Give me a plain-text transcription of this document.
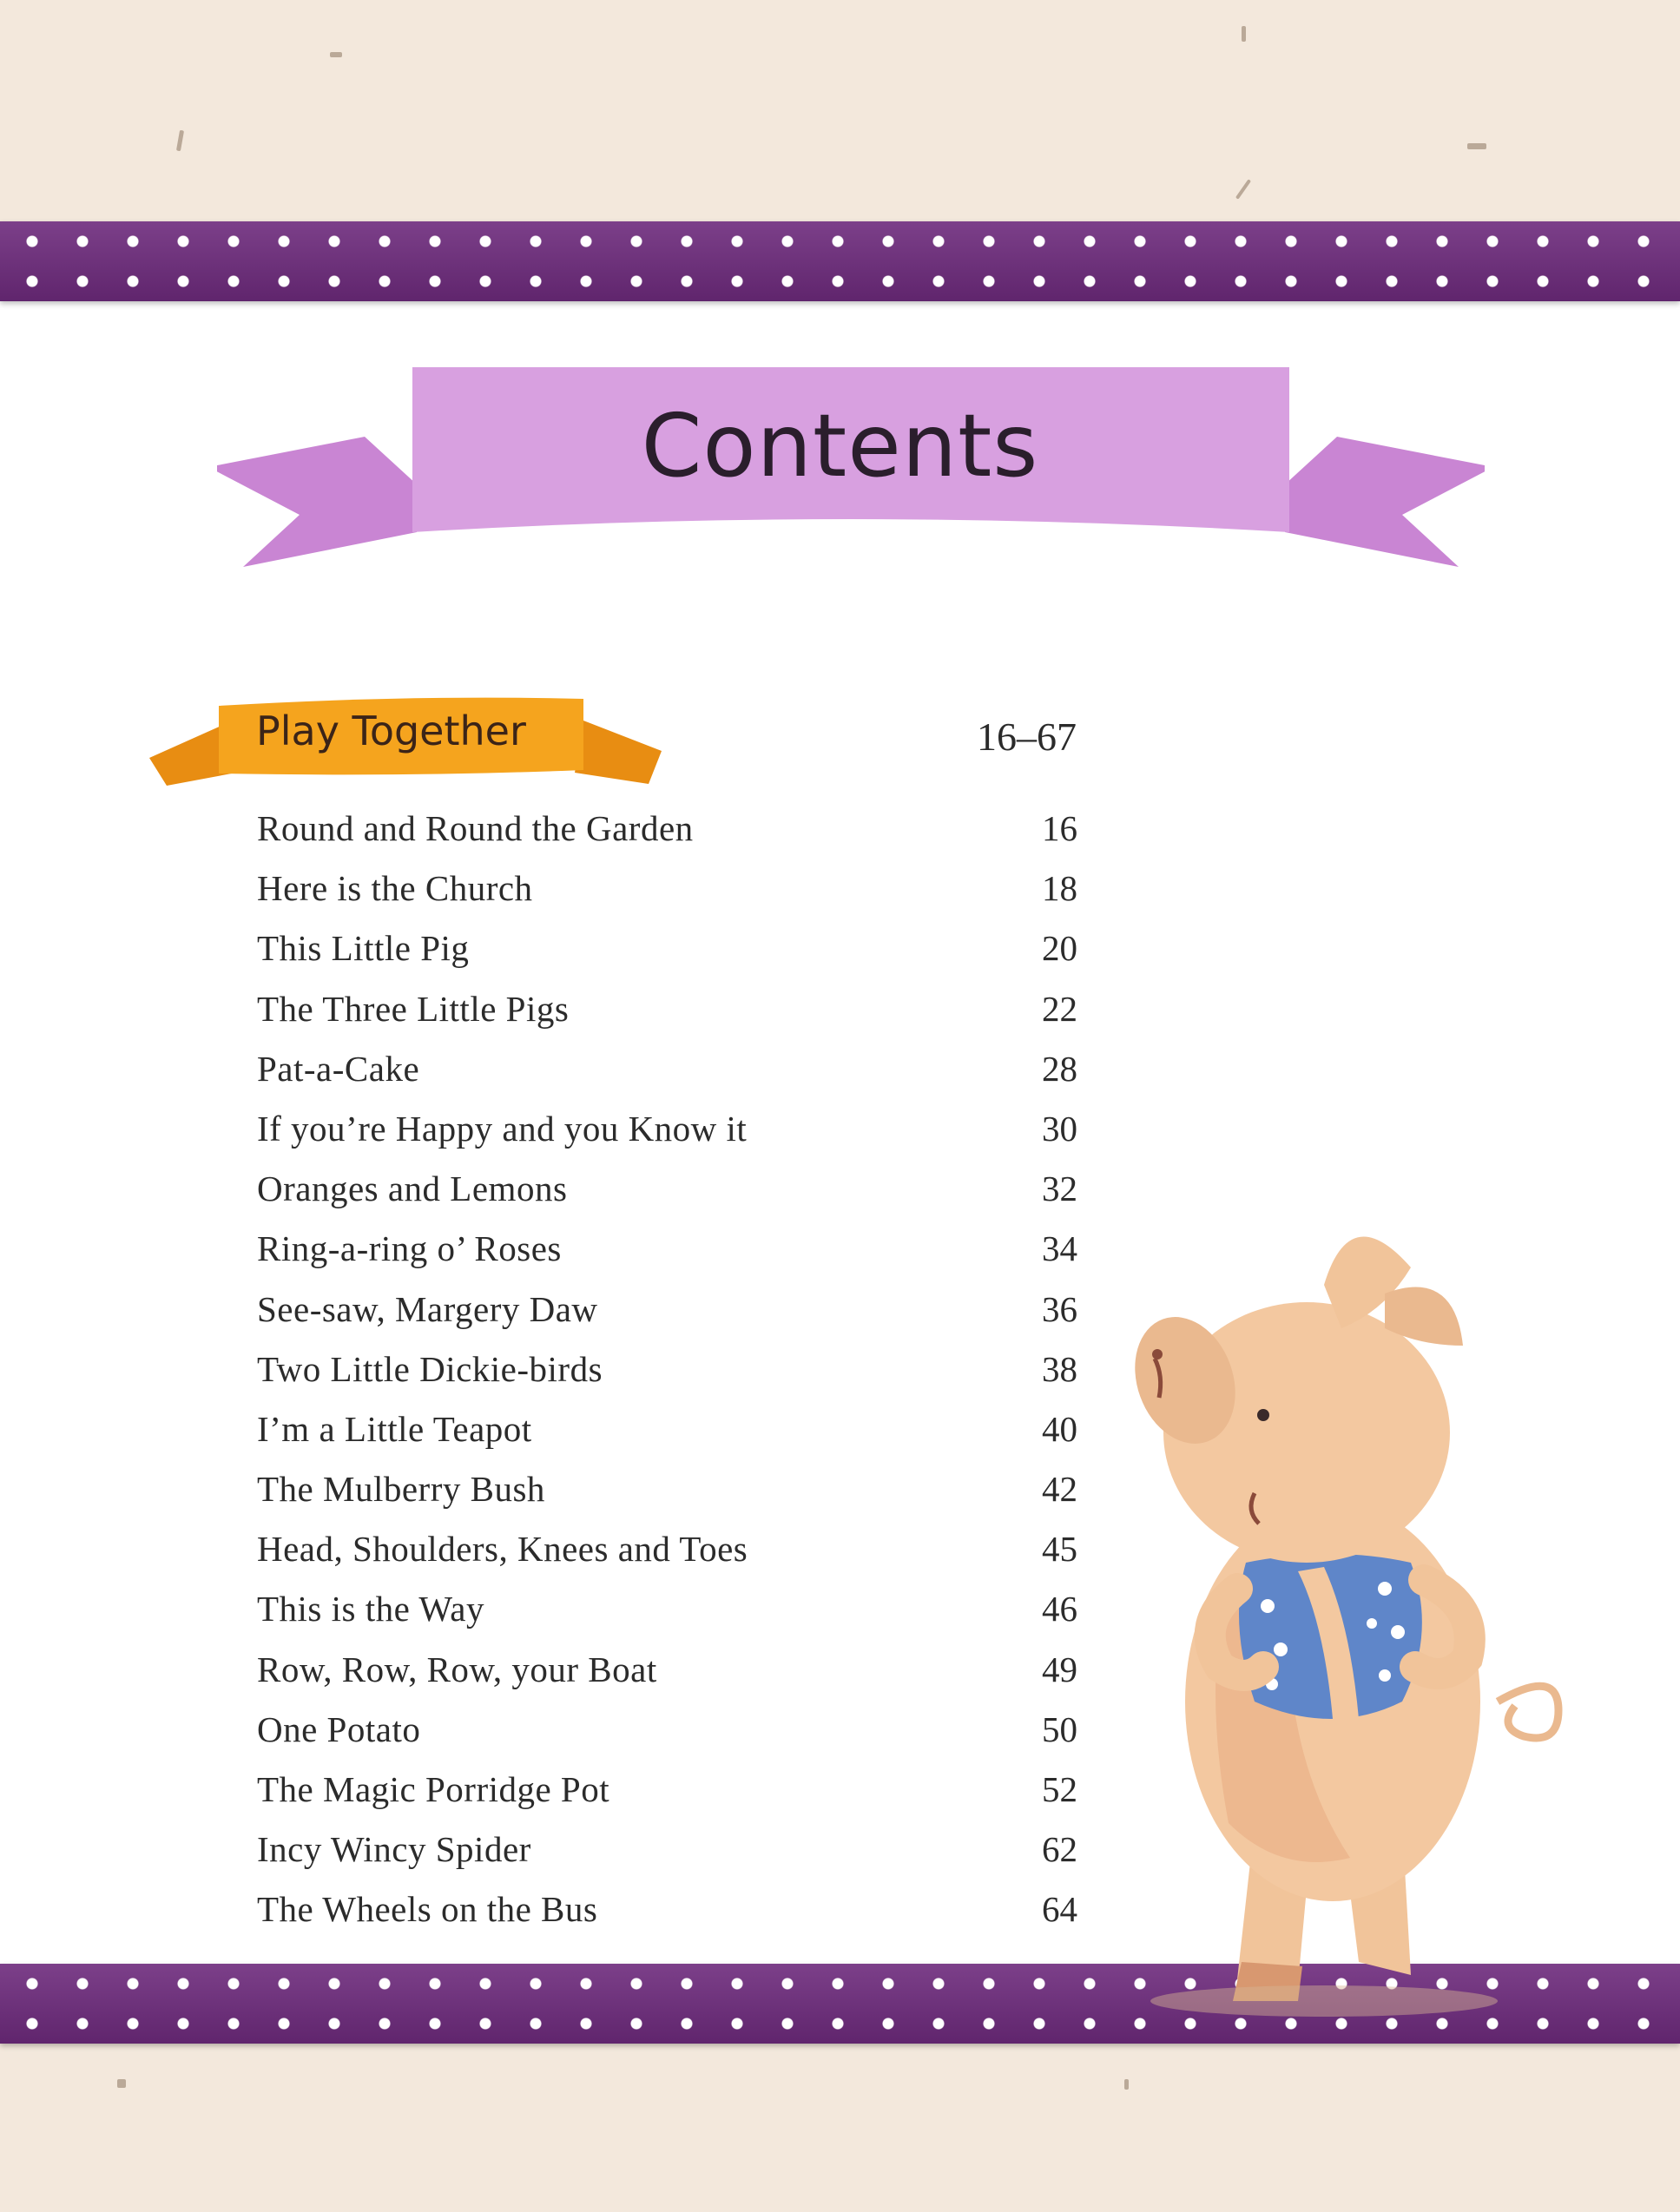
Contents
Play Together	16–67
Round and Round the Garden	16
Here is the Church	18
This Little Pig	20
The Three Little Pigs	22
Pat-a-Cake	28
If you’re Happy and you Know it	30
Oranges and Lemons	32
Ring-a-ring o’ Roses	34
See-saw, Margery Daw	36
Two Little Dickie-birds	38
I’m a Little Teapot	40
The Mulberry Bush	42
Head, Shoulders, Knees and Toes	45
This is the Way	46
Row, Row, Row, your Boat	49
One Potato	50
The Magic Porridge Pot	52
Incy Wincy Spider	62
The Wheels on the Bus	64
